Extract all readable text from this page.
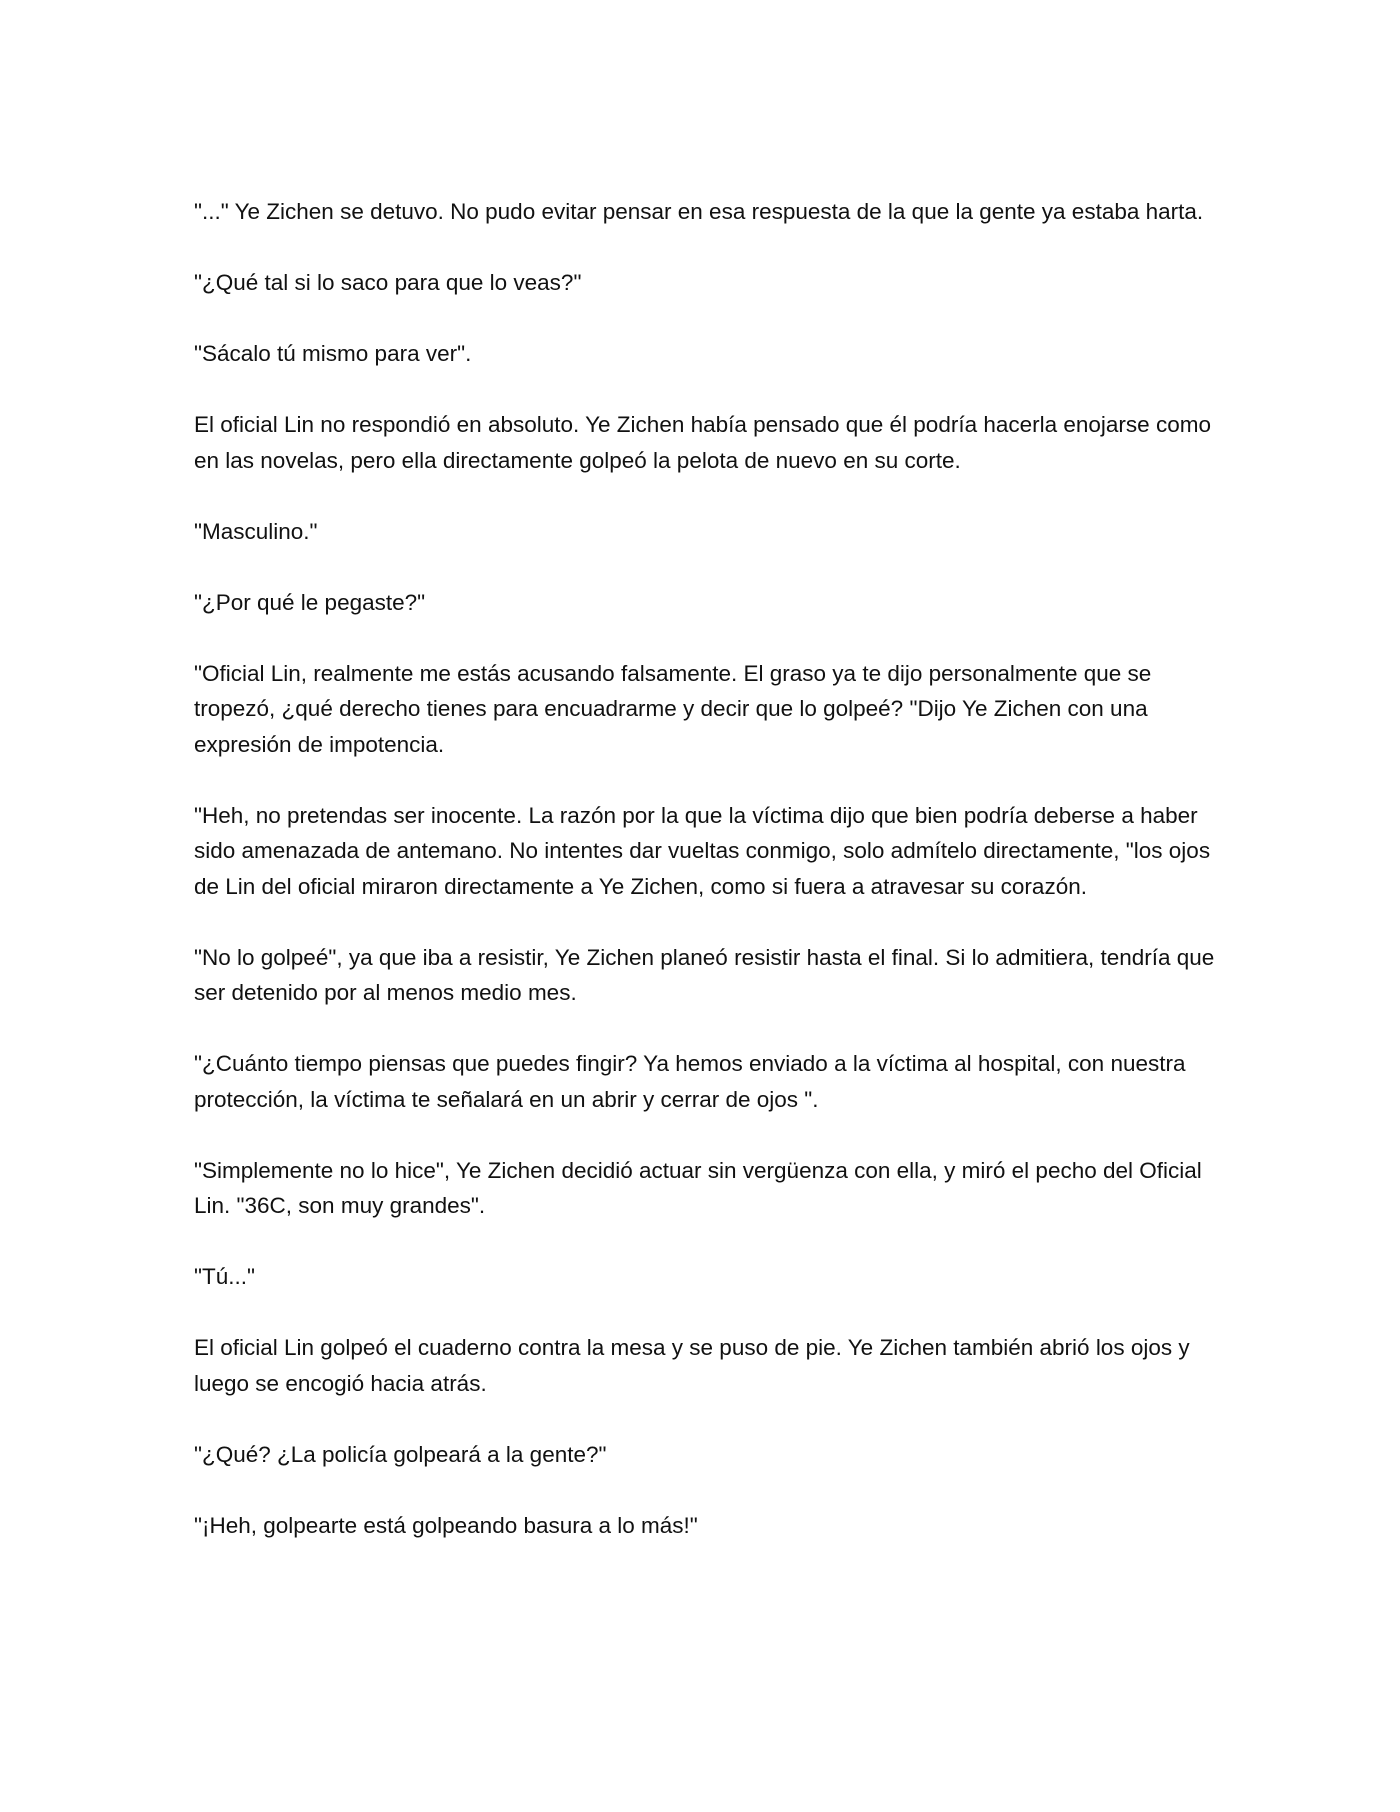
"..." Ye Zichen se detuvo. No pudo evitar pensar en esa respuesta de la que la gente ya estaba harta.

"¿Qué tal si lo saco para que lo veas?"

"Sácalo tú mismo para ver".

El oficial Lin no respondió en absoluto. Ye Zichen había pensado que él podría hacerla enojarse como en las novelas, pero ella directamente golpeó la pelota de nuevo en su corte.

"Masculino."

"¿Por qué le pegaste?"

"Oficial Lin, realmente me estás acusando falsamente. El graso ya te dijo personalmente que se tropezó, ¿qué derecho tienes para encuadrarme y decir que lo golpeé? "Dijo Ye Zichen con una expresión de impotencia.

"Heh, no pretendas ser inocente. La razón por la que la víctima dijo que bien podría deberse a haber sido amenazada de antemano. No intentes dar vueltas conmigo, solo admítelo directamente, "los ojos de Lin del oficial miraron directamente a Ye Zichen, como si fuera a atravesar su corazón.

"No lo golpeé", ya que iba a resistir, Ye Zichen planeó resistir hasta el final. Si lo admitiera, tendría que ser detenido por al menos medio mes.

"¿Cuánto tiempo piensas que puedes fingir? Ya hemos enviado a la víctima al hospital, con nuestra protección, la víctima te señalará en un abrir y cerrar de ojos ".

"Simplemente no lo hice", Ye Zichen decidió actuar sin vergüenza con ella, y miró el pecho del Oficial Lin. "36C, son muy grandes".

"Tú..."

El oficial Lin golpeó el cuaderno contra la mesa y se puso de pie. Ye Zichen también abrió los ojos y luego se encogió hacia atrás.

"¿Qué? ¿La policía golpeará a la gente?"

"¡Heh, golpearte está golpeando basura a lo más!"
